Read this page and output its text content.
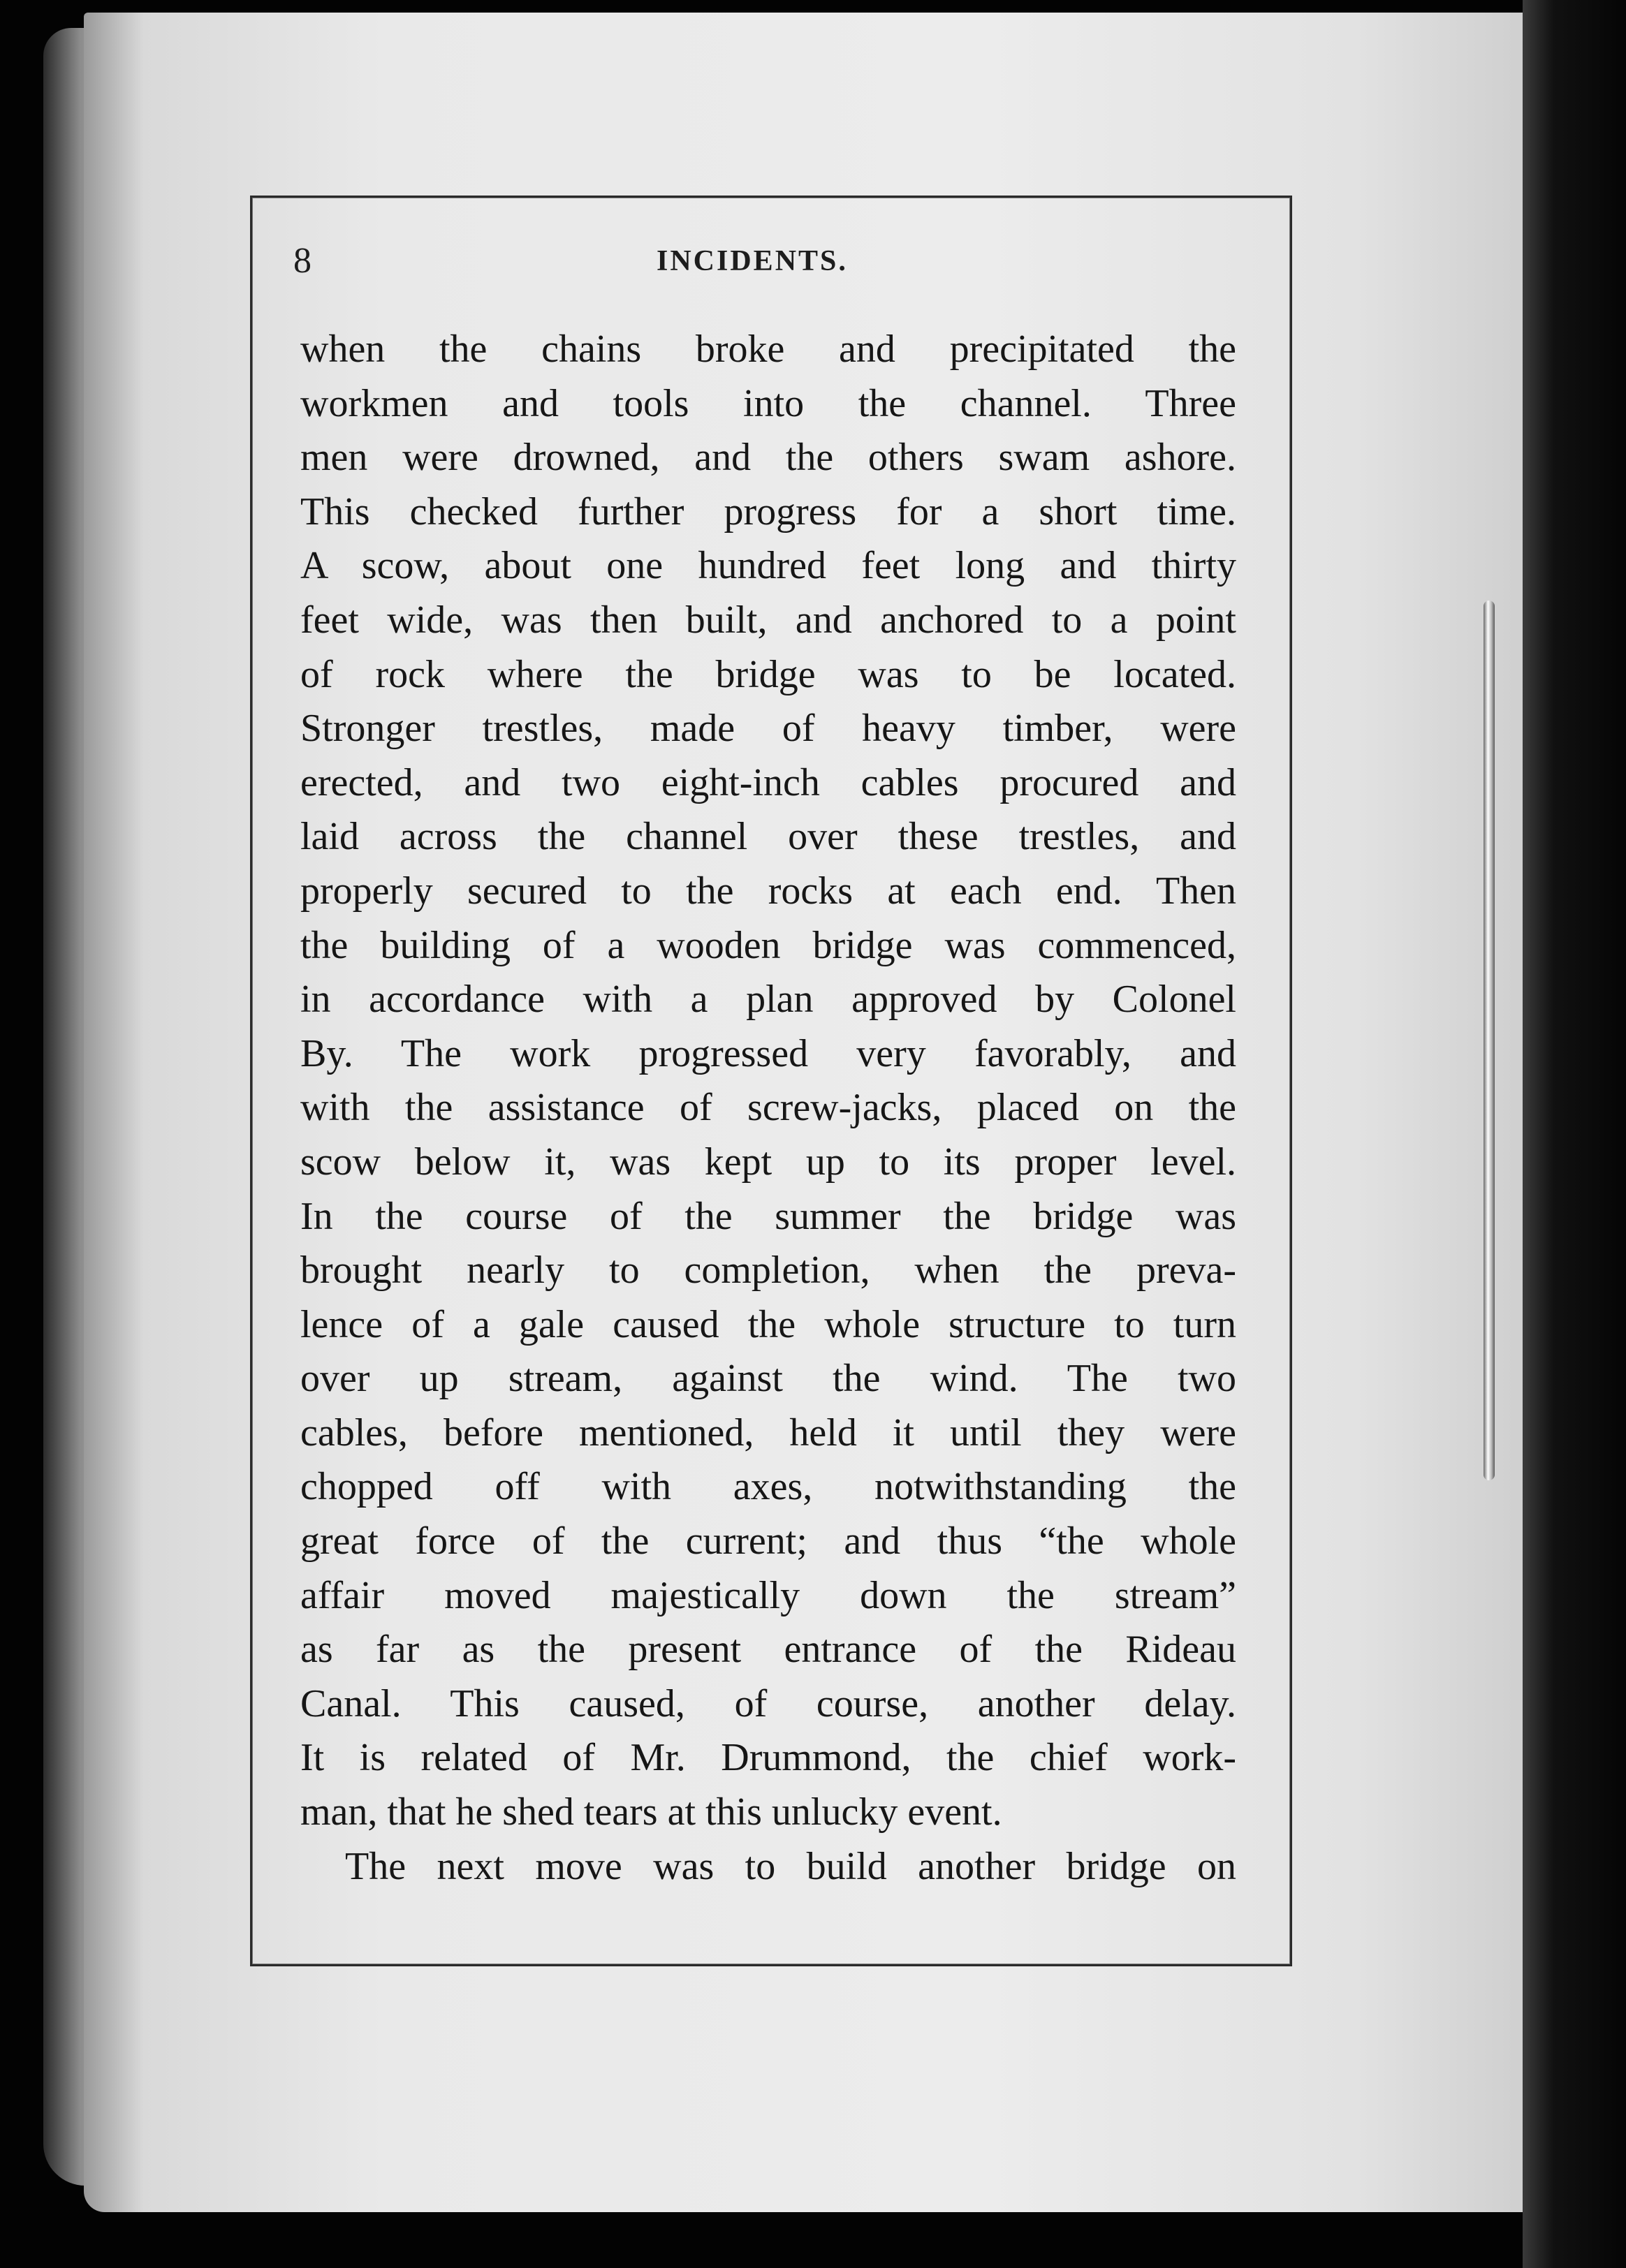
8	INCIDENTS.
when the chains broke and precipitated the
workmen and tools into the channel. Three
men were drowned, and the others swam ashore.
This checked further progress for a short time.
A scow, about one hundred feet long and thirty
feet wide, was then built, and anchored to a point
of rock where the bridge was to be located.
Stronger trestles, made of heavy timber, were
erected, and two eight-inch cables procured and
laid across the channel over these trestles, and
properly secured to the rocks at each end. Then
the building of a wooden bridge was commenced,
in accordance with a plan approved by Colonel
By. The work progressed very favorably, and
with the assistance of screw-jacks, placed on the
scow below it, was kept up to its proper level.
In the course of the summer the bridge was
brought nearly to completion, when the preva-
lence of a gale caused the whole structure to turn
over up stream, against the wind. The two
cables, before mentioned, held it until they were
chopped off with axes, notwithstanding the
great force of the current; and thus “the whole
affair moved majestically down the stream”
as far as the present entrance of the Rideau
Canal. This caused, of course, another delay.
It is related of Mr. Drummond, the chief work-
man, that he shed tears at this unlucky event.
The next move was to build another bridge on
